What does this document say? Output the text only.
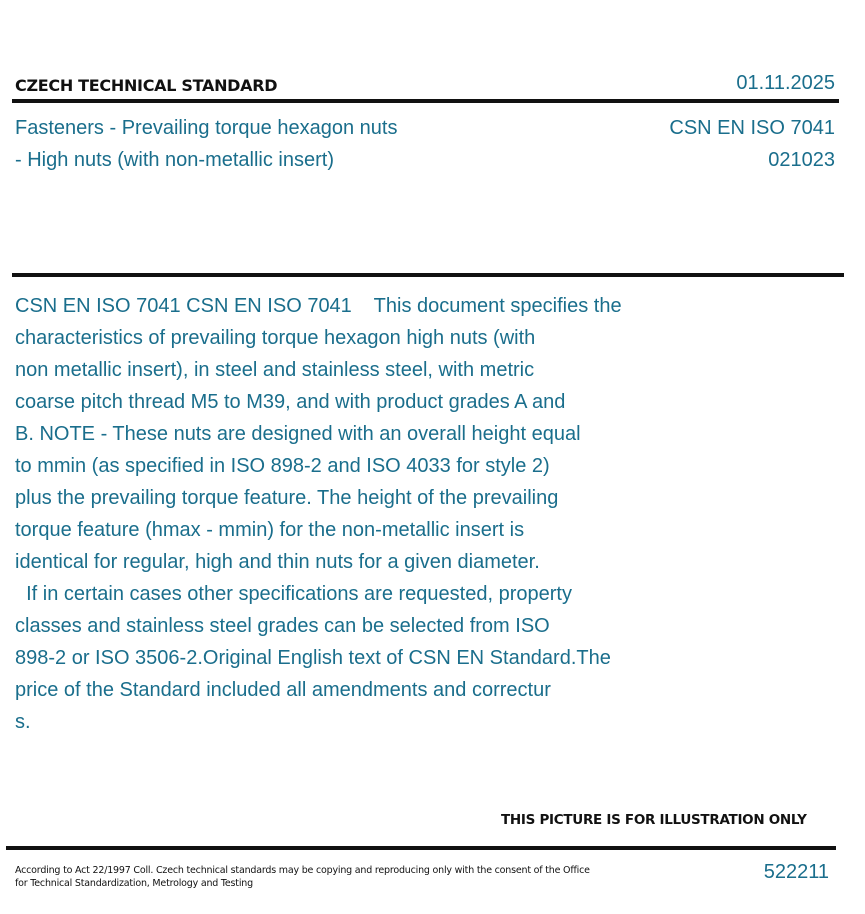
CZECH TECHNICAL STANDARD	01.11.2025
Fasteners - Prevailing torque hexagon nuts
- High nuts (with non-metallic insert)
CSN EN ISO 7041
021023
CSN EN ISO 7041 CSN EN ISO 7041    This document specifies the
characteristics of prevailing torque hexagon high nuts (with
non metallic insert), in steel and stainless steel, with metric
coarse pitch thread M5 to M39, and with product grades A and
B. NOTE - These nuts are designed with an overall height equal
to mmin (as specified in ISO 898-2 and ISO 4033 for style 2)
plus the prevailing torque feature. The height of the prevailing
torque feature (hmax - mmin) for the non-metallic insert is
identical for regular, high and thin nuts for a given diameter.
If in certain cases other specifications are requested, property
classes and stainless steel grades can be selected from ISO
898-2 or ISO 3506-2.Original English text of CSN EN Standard.The
price of the Standard included all amendments and correctur
s.
THIS PICTURE IS FOR ILLUSTRATION ONLY
According to Act 22/1997 Coll. Czech technical standards may be copying and reproducing only with the consent of the Office
for Technical Standardization, Metrology and Testing
522211
